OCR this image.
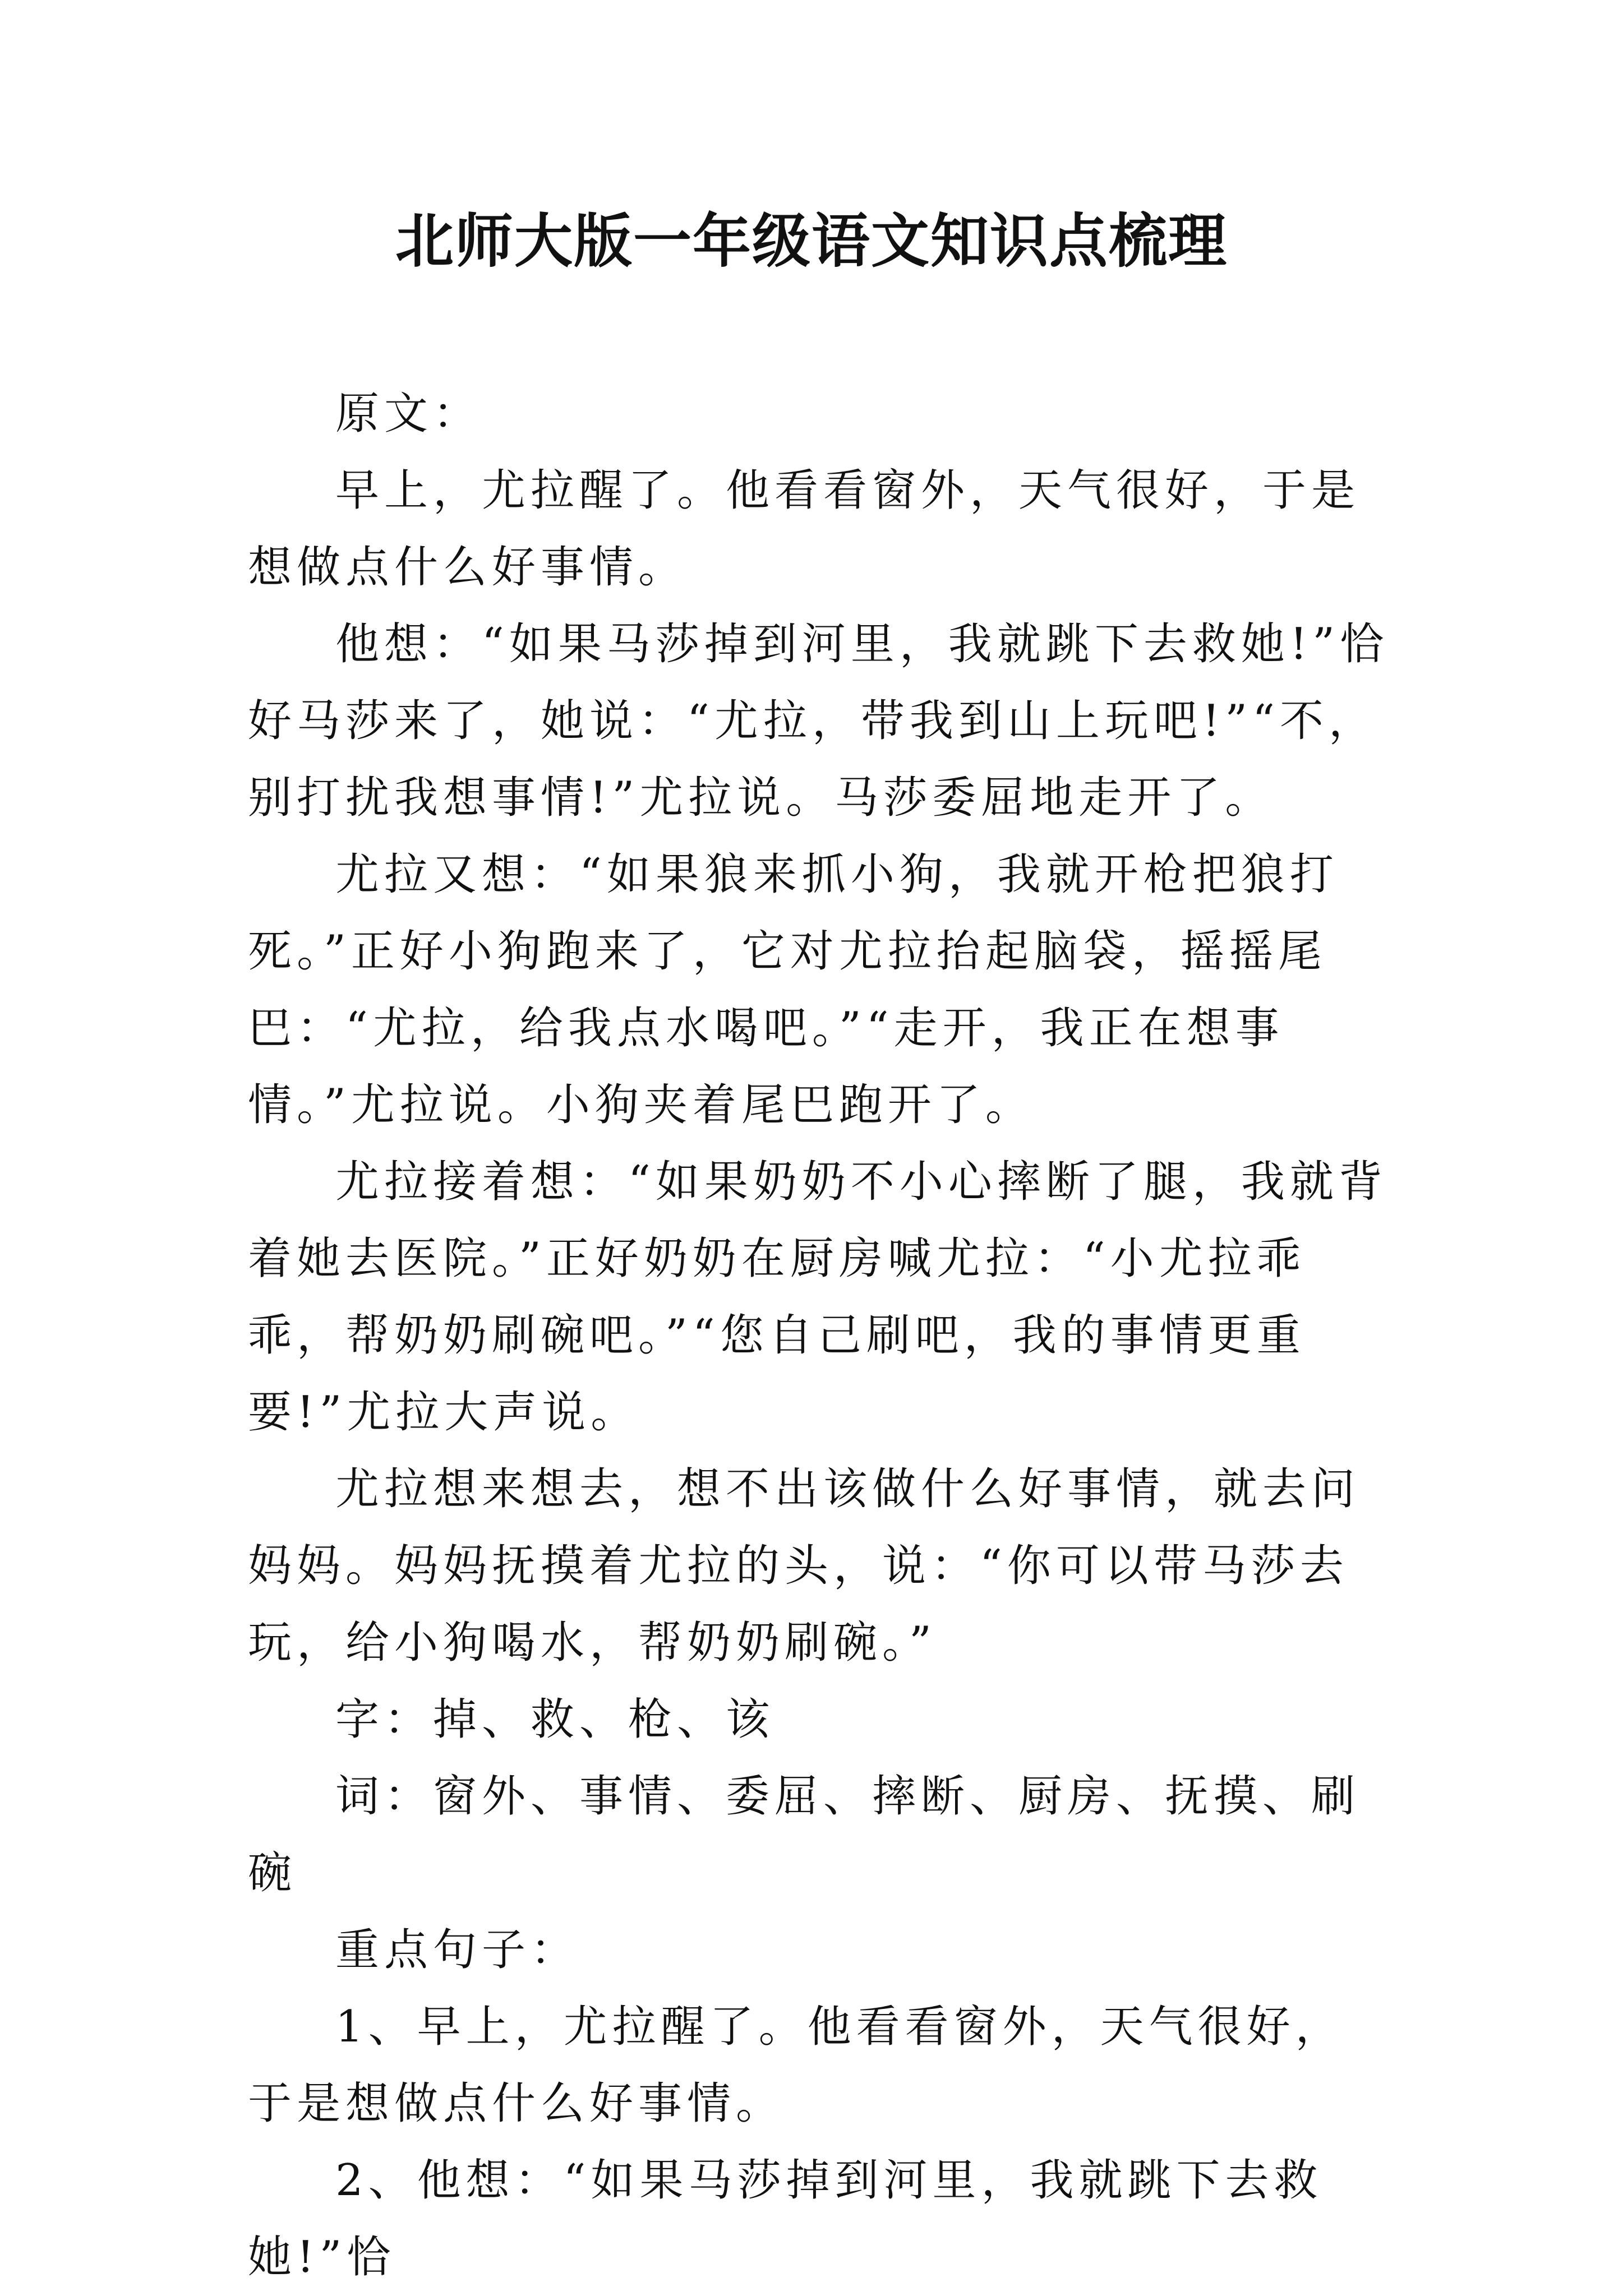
北师大版一年级语文知识点梳理

原文：

早上，尤拉醒了。他看看窗外，天气很好，于是想做点什么好事情。

他想：“如果马莎掉到河里，我就跳下去救她!”恰好马莎来了，她说：“尤拉，带我到山上玩吧!”“不，别打扰我想事情!”尤拉说。马莎委屈地走开了。

尤拉又想：“如果狼来抓小狗，我就开枪把狼打死。”正好小狗跑来了，它对尤拉抬起脑袋，摇摇尾巴：“尤拉，给我点水喝吧。”“走开，我正在想事情。”尤拉说。小狗夹着尾巴跑开了。

尤拉接着想：“如果奶奶不小心摔断了腿，我就背着她去医院。”正好奶奶在厨房喊尤拉：“小尤拉乖乖，帮奶奶刷碗吧。”“您自己刷吧，我的事情更重要!”尤拉大声说。

尤拉想来想去，想不出该做什么好事情，就去问妈妈。妈妈抚摸着尤拉的头，说：“你可以带马莎去玩，给小狗喝水，帮奶奶刷碗。”

字：掉、救、枪、该

词：窗外、事情、委屈、摔断、厨房、抚摸、刷碗

重点句子：

1、早上，尤拉醒了。他看看窗外，天气很好，于是想做点什么好事情。

2、他想：“如果马莎掉到河里，我就跳下去救她!”恰
